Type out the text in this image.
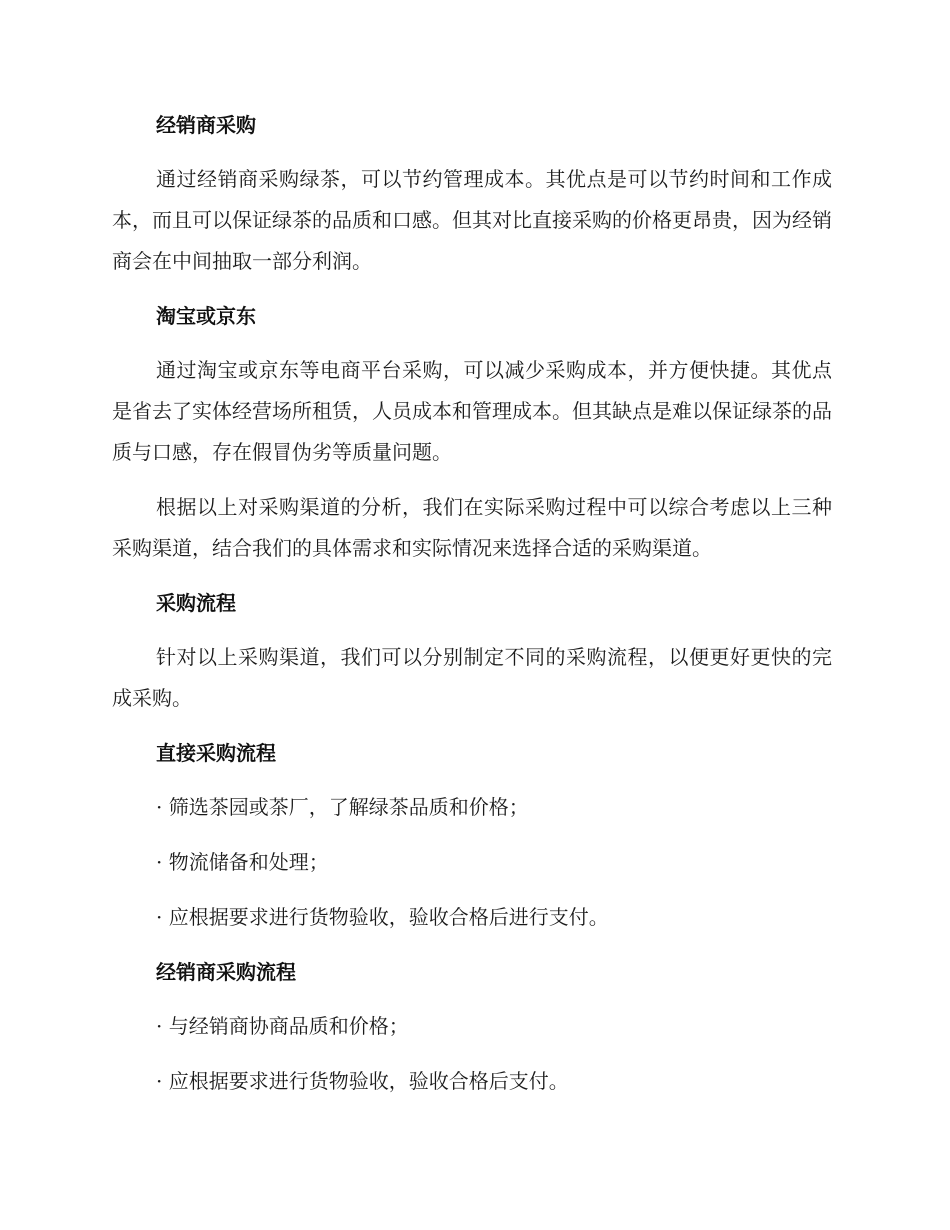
经销商采购
通过经销商采购绿茶，可以节约管理成本。其优点是可以节约时间和工作成本，而且可以保证绿茶的品质和口感。但其对比直接采购的价格更昂贵，因为经销商会在中间抽取一部分利润。
淘宝或京东
通过淘宝或京东等电商平台采购，可以减少采购成本，并方便快捷。其优点是省去了实体经营场所租赁，人员成本和管理成本。但其缺点是难以保证绿茶的品质与口感，存在假冒伪劣等质量问题。
根据以上对采购渠道的分析，我们在实际采购过程中可以综合考虑以上三种采购渠道，结合我们的具体需求和实际情况来选择合适的采购渠道。
采购流程
针对以上采购渠道，我们可以分别制定不同的采购流程，以便更好更快的完成采购。
直接采购流程
· 筛选茶园或茶厂，了解绿茶品质和价格；
· 物流储备和处理；
· 应根据要求进行货物验收，验收合格后进行支付。
经销商采购流程
· 与经销商协商品质和价格；
· 应根据要求进行货物验收，验收合格后支付。
